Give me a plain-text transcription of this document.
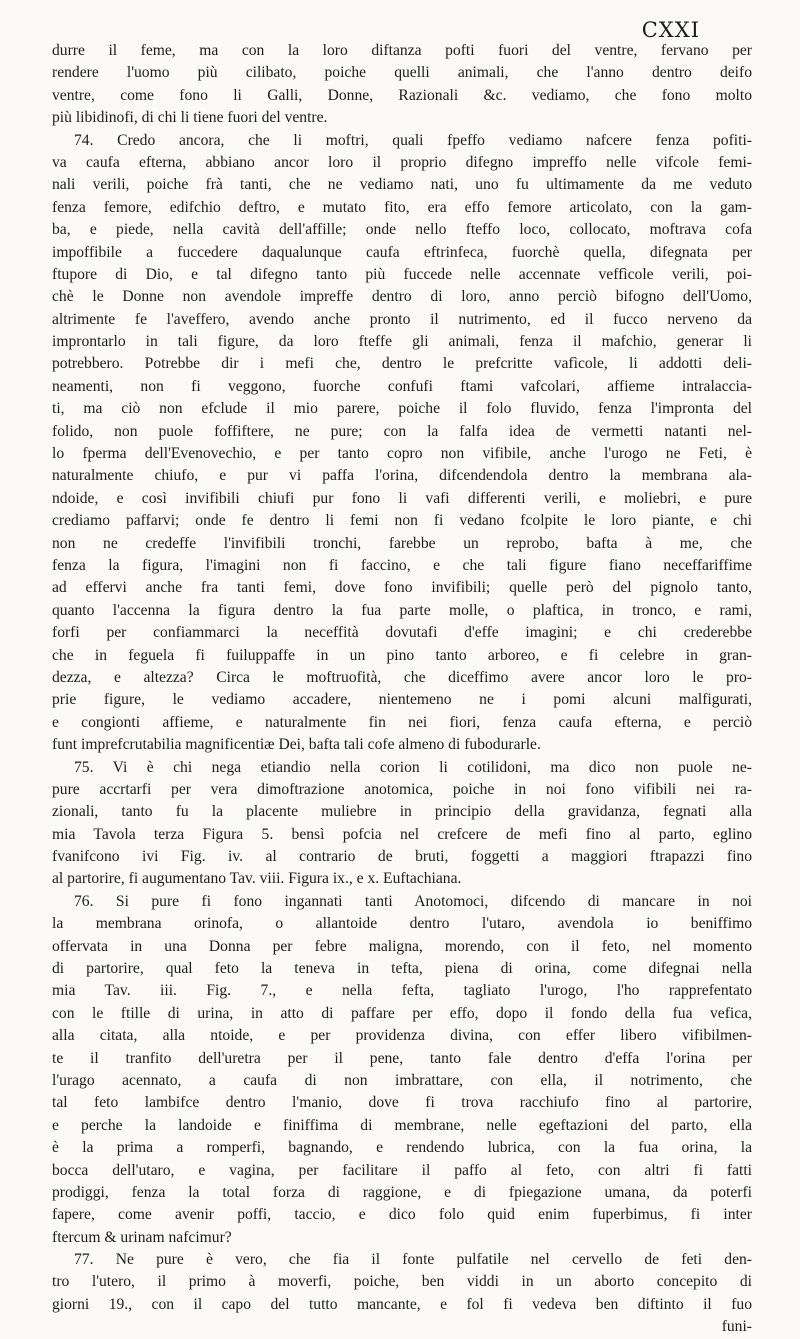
CXXI

durre il feme, ma con la loro diftanza pofti fuori del ventre, fervano per

rendere l'uomo più cilibato, poiche quelli animali, che l'anno dentro deifo

ventre, come fono li Galli, Donne, Razionali &c. vediamo, che fono molto

più libidinofi, di chi li tiene fuori del ventre.

74. Credo ancora, che li moftri, quali fpeffo vediamo nafcere fenza pofiti-

va caufa efterna, abbiano ancor loro il proprio difegno impreffo nelle vifcole femi-

nali verili, poiche frà tanti, che ne vediamo nati, uno fu ultimamente da me veduto

fenza femore, edifchio deftro, e mutato fito, era effo femore articolato, con la gam-

ba, e piede, nella cavità dell'affille; onde nello fteffo loco, collocato, moftrava cofa

impoffibile a fuccedere daqualunque caufa eftrinfeca, fuorchè quella, difegnata per

ftupore di Dio, e tal difegno tanto più fuccede nelle accennate veffìcole verili, poi-

chè le Donne non avendole impreffe dentro di loro, anno perciò bifogno dell'Uomo,

altrimente fe l'aveffero, avendo anche pronto il nutrimento, ed il fucco nerveno da

improntarlo in tali figure, da loro fteffe gli animali, fenza il mafchio, generar li

potrebbero. Potrebbe dir i mefi che, dentro le prefcritte vafìcole, li addotti deli-

neamenti, non fi veggono, fuorche confufi ftami vafcolari, affieme intralaccia-

ti, ma ciò non efclude il mio parere, poiche il folo fluvido, fenza l'impronta del

folido, non puole foffiftere, ne pure; con la falfa idea de vermetti natanti nel-

lo fperma dell'Evenovechio, e per tanto copro non vifibile, anche l'urogo ne Feti, è

naturalmente chiufo, e pur vi paffa l'orina, difcendendola dentro la membrana ala-

ndoide, e così invifibili chiufi pur fono li vafi differenti verili, e moliebri, e pure

crediamo paffarvi; onde fe dentro li femi non fi vedano fcolpite le loro piante, e chi

non ne credeffe l'invifibili tronchi, farebbe un reprobo, bafta à me, che

fenza la figura, l'imagini non fi faccino, e che tali figure fiano neceffariffime

ad effervi anche fra tanti femi, dove fono invifibili; quelle però del pignolo tanto,

quanto l'accenna la figura dentro la fua parte molle, o plaftica, in tronco, e rami,

forfi per confiammarci la neceffità dovutafi d'effe imagini; e chi crederebbe

che in feguela fi fuiluppaffe in un pino tanto arboreo, e fi celebre in gran-

dezza, e altezza? Circa le moftruofità, che diceffimo avere ancor loro le pro-

prie figure, le vediamo accadere, nientemeno ne i pomi alcuni malfigurati,

e congionti affieme, e naturalmente fin nei fiori, fenza caufa efterna, e perciò

funt imprefcrutabilia magnificentiæ Dei, bafta tali cofe almeno di fubodurarle.

75. Vi è chi nega etiandio nella corion li cotilidoni, ma dico non puole ne-

pure accrtarfi per vera dimoftrazione anotomica, poiche in noi fono vifibili nei ra-

zionali, tanto fu la placente muliebre in principio della gravidanza, fegnati alla

mia Tavola terza Figura 5. bensì pofcia nel crefcere de mefi fino al parto, eglino

fvanifcono ivi Fig. iv. al contrario de bruti, foggetti a maggiori ftrapazzi fino

al partorire, fi augumentano Tav. viii. Figura ix., e x. Euftachiana.

76. Si pure fi fono ingannati tanti Anotomoci, difcendo di mancare in noi

la membrana orinofa, o allantoide dentro l'utaro, avendola io beniffimo

offervata in una Donna per febre maligna, morendo, con il feto, nel momento

di partorire, qual feto la teneva in tefta, piena di orina, come difegnai nella

mia Tav. iii. Fig. 7., e nella fefta, tagliato l'urogo, l'ho rapprefentato

con le ftille di urina, in atto di paffare per effo, dopo il fondo della fua vefica,

alla citata, alla ntoide, e per providenza divina, con effer libero vifibilmen-

te il tranfito dell'uretra per il pene, tanto fale dentro d'effa l'orina per

l'urago acennato, a caufa di non imbrattare, con ella, il notrimento, che

tal feto lambifce dentro l'manio, dove fi trova racchiufo fino al partorire,

e perche la landoide e finiffima di membrane, nelle egeftazioni del parto, ella

è la prima a romperfi, bagnando, e rendendo lubrica, con la fua orina, la

bocca dell'utaro, e vagina, per facilitare il paffo al feto, con altri fi fatti

prodiggi, fenza la total forza di raggione, e di fpiegazione umana, da poterfi

fapere, come avenir poffi, taccio, e dico folo quid enim fuperbimus, fi inter

ftercum & urinam nafcimur?

77. Ne pure è vero, che fia il fonte pulfatile nel cervello de feti den-

tro l'utero, il primo à moverfi, poiche, ben viddi in un aborto concepito di

giorni 19., con il capo del tutto mancante, e fol fi vedeva ben diftinto il fuo

funi-
